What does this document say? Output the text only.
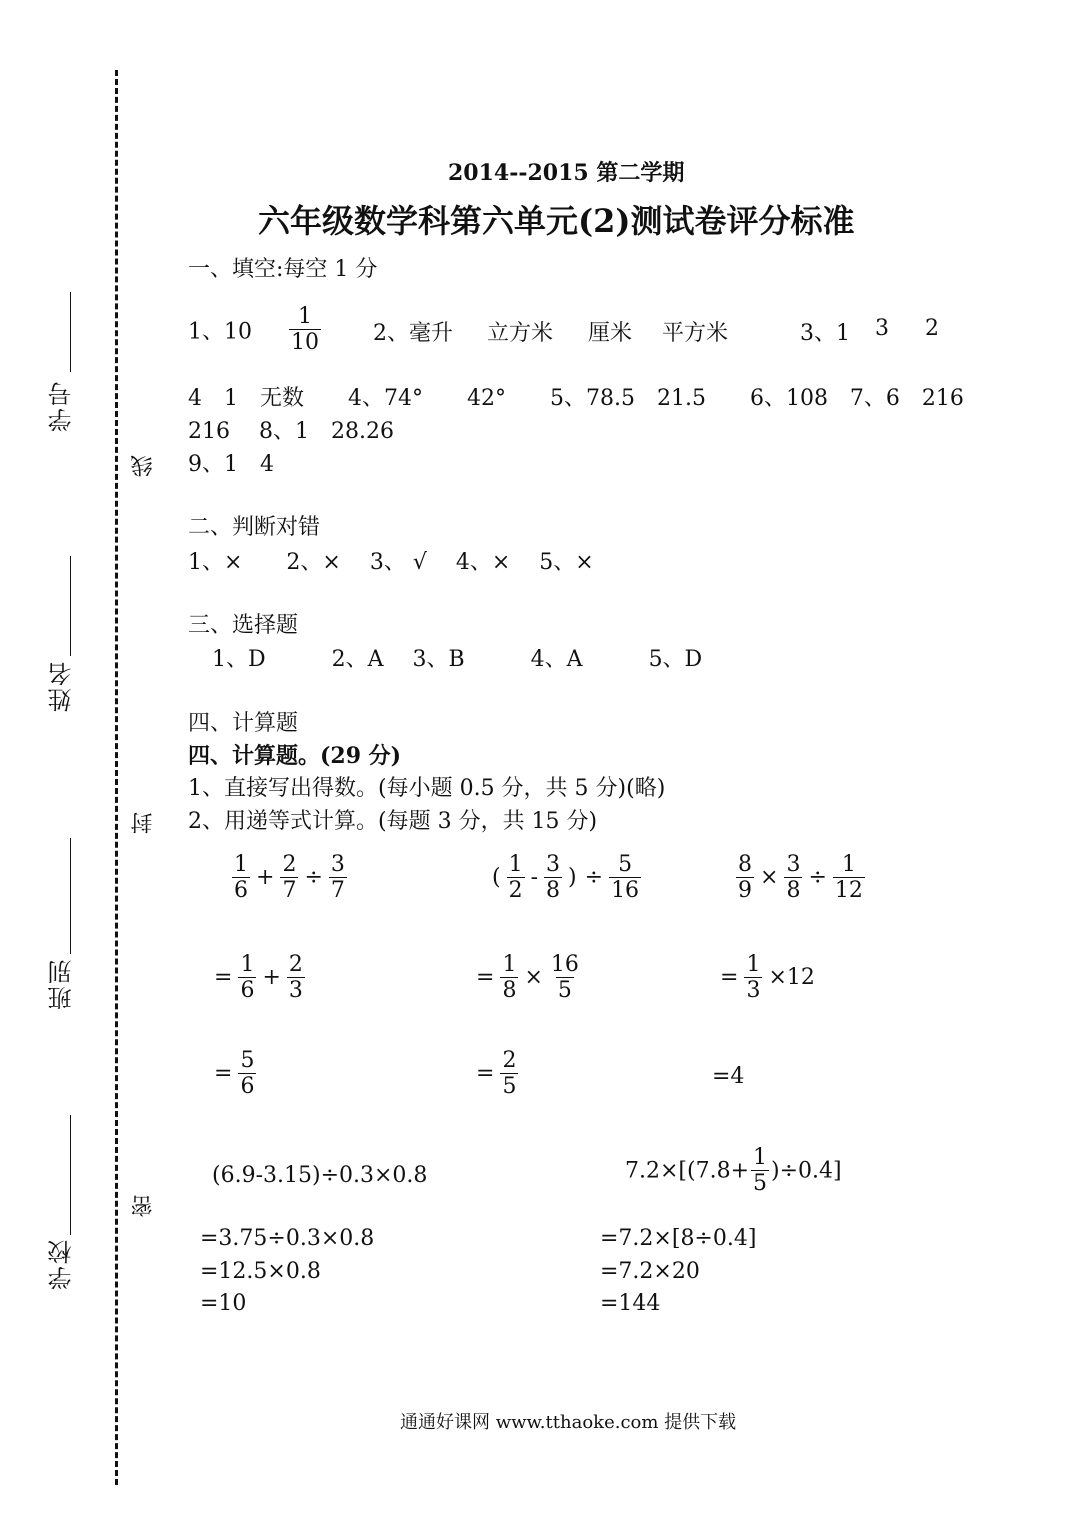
学号
姓名
班别
学校
线
封
密
2014--2015 第二学期
六年级数学科第六单元(2)测试卷评分标准
一、填空:每空 1 分
1、$10 \frac{1}{10} 2$、毫升 立方米 厘米 平方米	3、1 3 2
4　1　无数　　4、74°　　42°　　5、78.5　21.5　　6、108　7、6　216
216　 8、1　28.26
9、1　4
二、判断对错
1、×　　2、×　 3、 √　 4、×　 5、×
三、选择题
1、D　　　2、A　 3、B　　　4、A　　　5、D
四、计算题
四、计算题。(29 分)
1、直接写出得数。(每小题 0.5 分，共 5 分)(略)
2、用递等式计算。(每题 3 分，共 15 分)
$\frac{1}{6} + \frac{2}{7} \div \frac{3}{7}$
= $\frac{1}{6} + \frac{2}{3}$
= $\frac{5}{6}$
( $\frac{1}{2} - \frac{3}{8}$ ) ÷ $\frac{5}{16}$
= $\frac{1}{8} \times \frac{16}{5}$
= $\frac{2}{5}$
$\frac{8}{9} \times \frac{3}{8} \div \frac{1}{12}$
= $\frac{1}{3} \times 12$
=4
(6.9-3.15)÷0.3×0.8
=3.75÷0.3×0.8
=12.5×0.8
=10
$7.2\times[(7.8+ \frac{1}{5} )\div 0.4]$
=7.2×[8÷0.4]
=7.2×20
=144
通通好课网 www.tthaoke.com 提供下载
